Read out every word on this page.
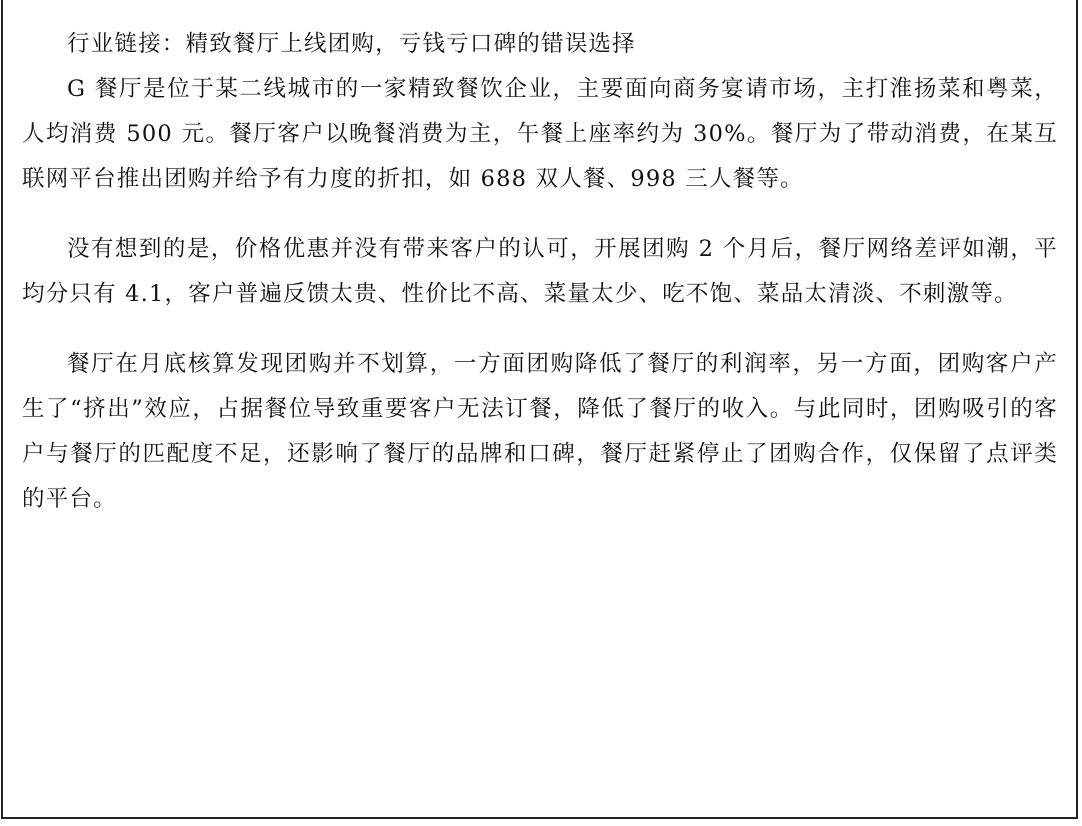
行业链接：精致餐厅上线团购，亏钱亏口碑的错误选择

G 餐厅是位于某二线城市的一家精致餐饮企业，主要面向商务宴请市场，主打淮扬菜和粤菜，人均消费 500 元。餐厅客户以晚餐消费为主，午餐上座率约为 30%。餐厅为了带动消费，在某互联网平台推出团购并给予有力度的折扣，如 688 双人餐、998 三人餐等。

没有想到的是，价格优惠并没有带来客户的认可，开展团购 2 个月后，餐厅网络差评如潮，平均分只有 4.1，客户普遍反馈太贵、性价比不高、菜量太少、吃不饱、菜品太清淡、不刺激等。

餐厅在月底核算发现团购并不划算，一方面团购降低了餐厅的利润率，另一方面，团购客户产生了“挤出”效应，占据餐位导致重要客户无法订餐，降低了餐厅的收入。与此同时，团购吸引的客户与餐厅的匹配度不足，还影响了餐厅的品牌和口碑，餐厅赶紧停止了团购合作，仅保留了点评类的平台。
